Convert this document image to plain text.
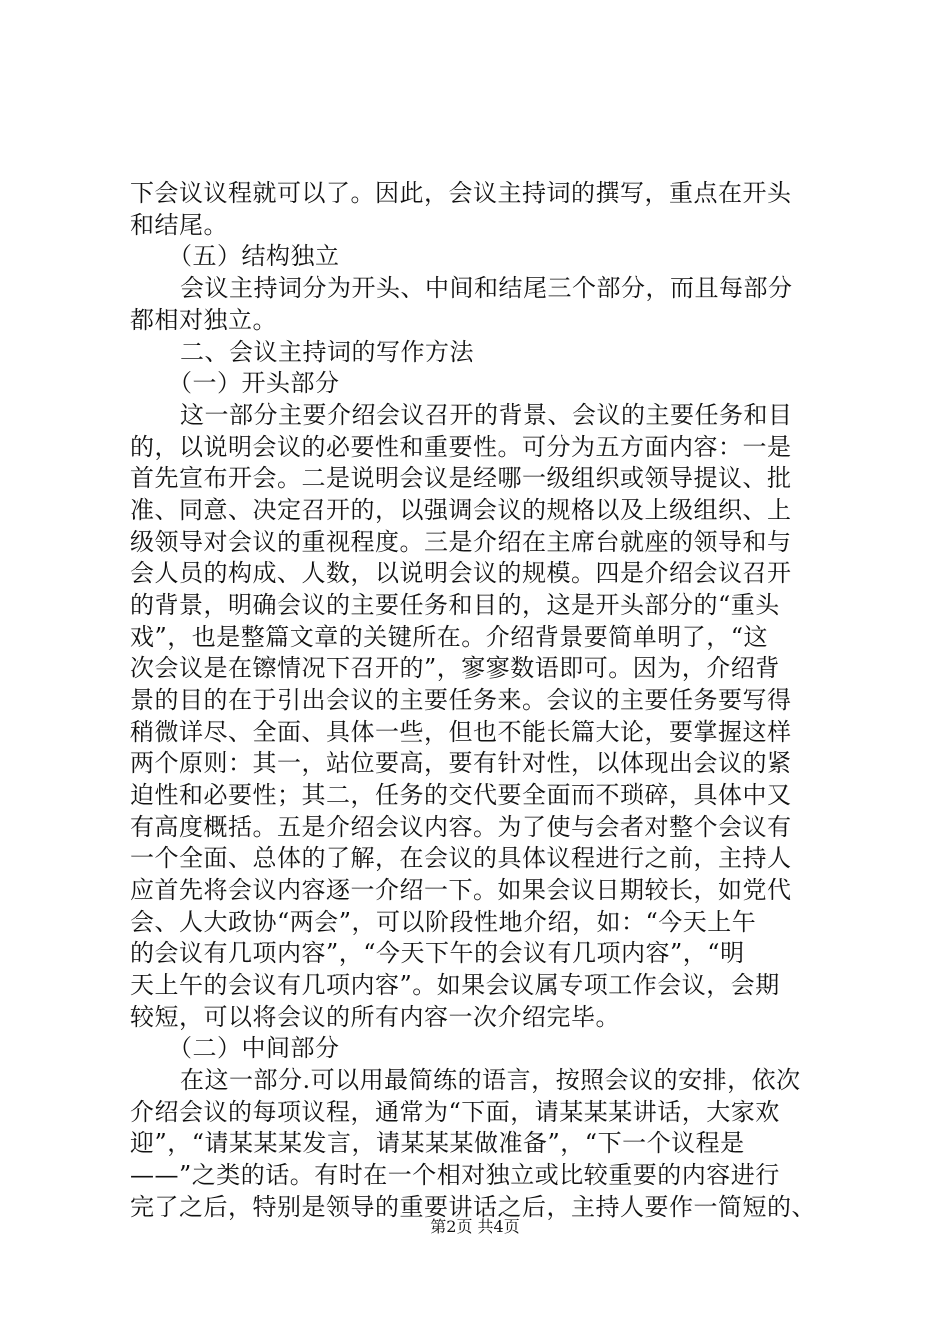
下会议议程就可以了。因此，会议主持词的撰写，重点在开头
和结尾。
（五）结构独立
会议主持词分为开头、中间和结尾三个部分，而且每部分
都相对独立。
二、会议主持词的写作方法
（一）开头部分
这一部分主要介绍会议召开的背景、会议的主要任务和目
的，以说明会议的必要性和重要性。可分为五方面内容：一是
首先宣布开会。二是说明会议是经哪一级组织或领导提议、批
准、同意、决定召开的，以强调会议的规格以及上级组织、上
级领导对会议的重视程度。三是介绍在主席台就座的领导和与
会人员的构成、人数，以说明会议的规模。四是介绍会议召开
的背景，明确会议的主要任务和目的，这是开头部分的“重头
戏”，也是整篇文章的关键所在。介绍背景要简单明了，“这
次会议是在镲情况下召开的”，寥寥数语即可。因为，介绍背
景的目的在于引出会议的主要任务来。会议的主要任务要写得
稍微详尽、全面、具体一些，但也不能长篇大论，要掌握这样
两个原则：其一，站位要高，要有针对性，以体现出会议的紧
迫性和必要性；其二，任务的交代要全面而不琐碎，具体中又
有高度概括。五是介绍会议内容。为了使与会者对整个会议有
一个全面、总体的了解，在会议的具体议程进行之前，主持人
应首先将会议内容逐一介绍一下。如果会议日期较长，如党代
会、人大政协“两会”，可以阶段性地介绍，如：“今天上午
的会议有几项内容”，“今天下午的会议有几项内容”，“明
天上午的会议有几项内容”。如果会议属专项工作会议，会期
较短，可以将会议的所有内容一次介绍完毕。
（二）中间部分
在这一部分.可以用最简练的语言，按照会议的安排，依次
介绍会议的每项议程，通常为“下面，请某某某讲话，大家欢
迎”，“请某某某发言，请某某某做准备”，“下一个议程是
——”之类的话。有时在一个相对独立或比较重要的内容进行
完了之后，特别是领导的重要讲话之后，主持人要作一简短的、
第2页 共4页
